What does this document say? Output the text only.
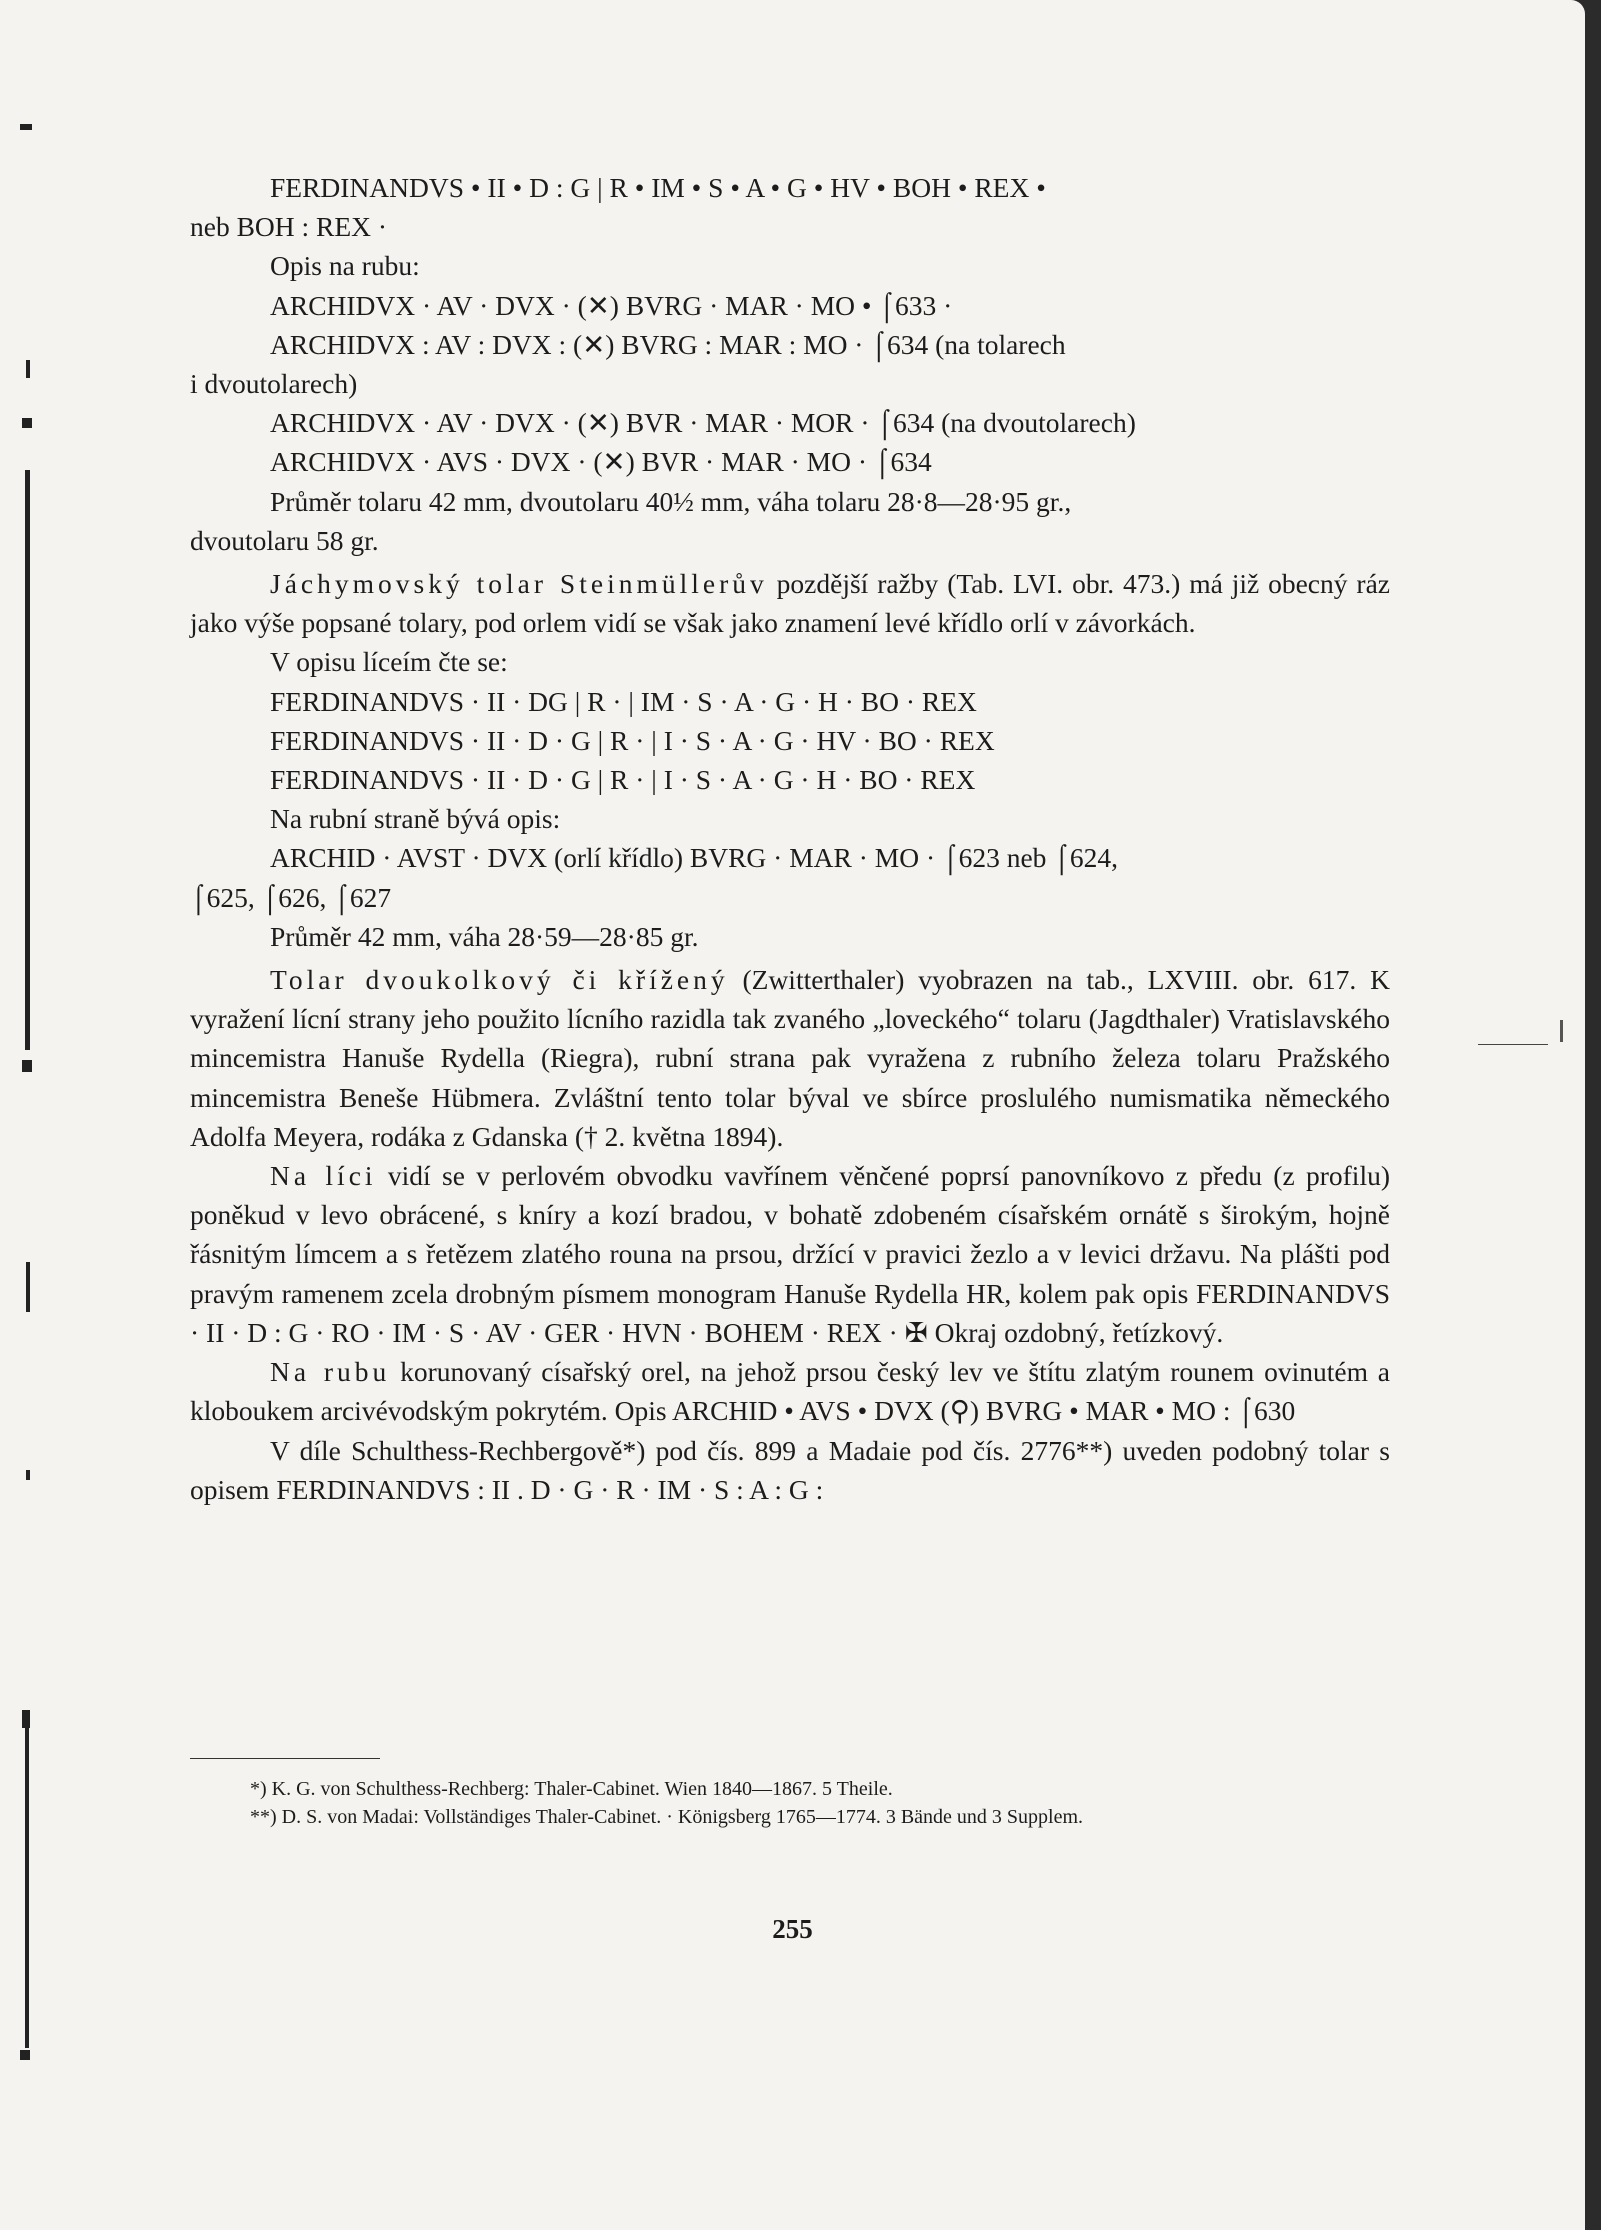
FERDINANDVS • II • D : G | R • IM • S • A • G • HV • BOH • REX •

neb BOH : REX ·

Opis na rubu:

ARCHIDVX · AV · DVX · (✕) BVRG · MAR · MO • ⌠633 ·

ARCHIDVX : AV : DVX : (✕) BVRG : MAR : MO · ⌠634 (na tolarech

i dvoutolarech)

ARCHIDVX · AV · DVX · (✕) BVR · MAR · MOR · ⌠634 (na dvoutolarech)

ARCHIDVX · AVS · DVX · (✕) BVR · MAR · MO · ⌠634

Průměr tolaru 42 mm, dvoutolaru 40½ mm, váha tolaru 28·8—28·95 gr.,

dvoutolaru 58 gr.

Jáchymovský tolar Steinmüllerův pozdější ražby (Tab. LVI. obr. 473.) má již obecný ráz jako výše popsané tolary, pod orlem vidí se však jako znamení levé křídlo orlí v závorkách.

V opisu líceím čte se:

FERDINANDVS · II · DG | R · | IM · S · A · G · H · BO · REX

FERDINANDVS · II · D · G | R · | I · S · A · G · HV · BO · REX

FERDINANDVS · II · D · G | R · | I · S · A · G · H · BO · REX

Na rubní straně bývá opis:

ARCHID · AVST · DVX (orlí křídlo) BVRG · MAR · MO · ⌠623 neb ⌠624,

⌠625, ⌠626, ⌠627

Průměr 42 mm, váha 28·59—28·85 gr.

Tolar dvoukolkový či křížený (Zwitterthaler) vyobrazen na tab., LXVIII. obr. 617. K vyražení lícní strany jeho použito lícního razidla tak zvaného „loveckého“ tolaru (Jagdthaler) Vratislavského mincemistra Hanuše Rydella (Riegra), rubní strana pak vyražena z rubního železa tolaru Pražského mincemistra Beneše Hübmera. Zvláštní tento tolar býval ve sbírce proslulého numismatika německého Adolfa Meyera, rodáka z Gdanska († 2. května 1894).

Na líci vidí se v perlovém obvodku vavřínem věnčené poprsí panovníkovo z předu (z profilu) poněkud v levo obrácené, s kníry a kozí bradou, v bohatě zdobeném císařském ornátě s širokým, hojně řásnitým límcem a s řetězem zlatého rouna na prsou, držící v pravici žezlo a v levici državu. Na plášti pod pravým ramenem zcela drobným písmem monogram Hanuše Rydella HR, kolem pak opis FERDINANDVS · II · D : G · RO · IM · S · AV · GER · HVN · BOHEM · REX · ✠ Okraj ozdobný, řetízkový.

Na rubu korunovaný císařský orel, na jehož prsou český lev ve štítu zlatým rounem ovinutém a kloboukem arcivévodským pokrytém. Opis ARCHID • AVS • DVX (⚲) BVRG • MAR • MO : ⌠630

V díle Schulthess-Rechbergově*) pod čís. 899 a Madaie pod čís. 2776**) uveden podobný tolar s opisem FERDINANDVS : II . D · G · R · IM · S : A : G :

*) K. G. von Schulthess-Rechberg: Thaler-Cabinet. Wien 1840—1867. 5 Theile.

**) D. S. von Madai: Vollständiges Thaler-Cabinet. · Königsberg 1765—1774. 3 Bände und 3 Supplem.

255
